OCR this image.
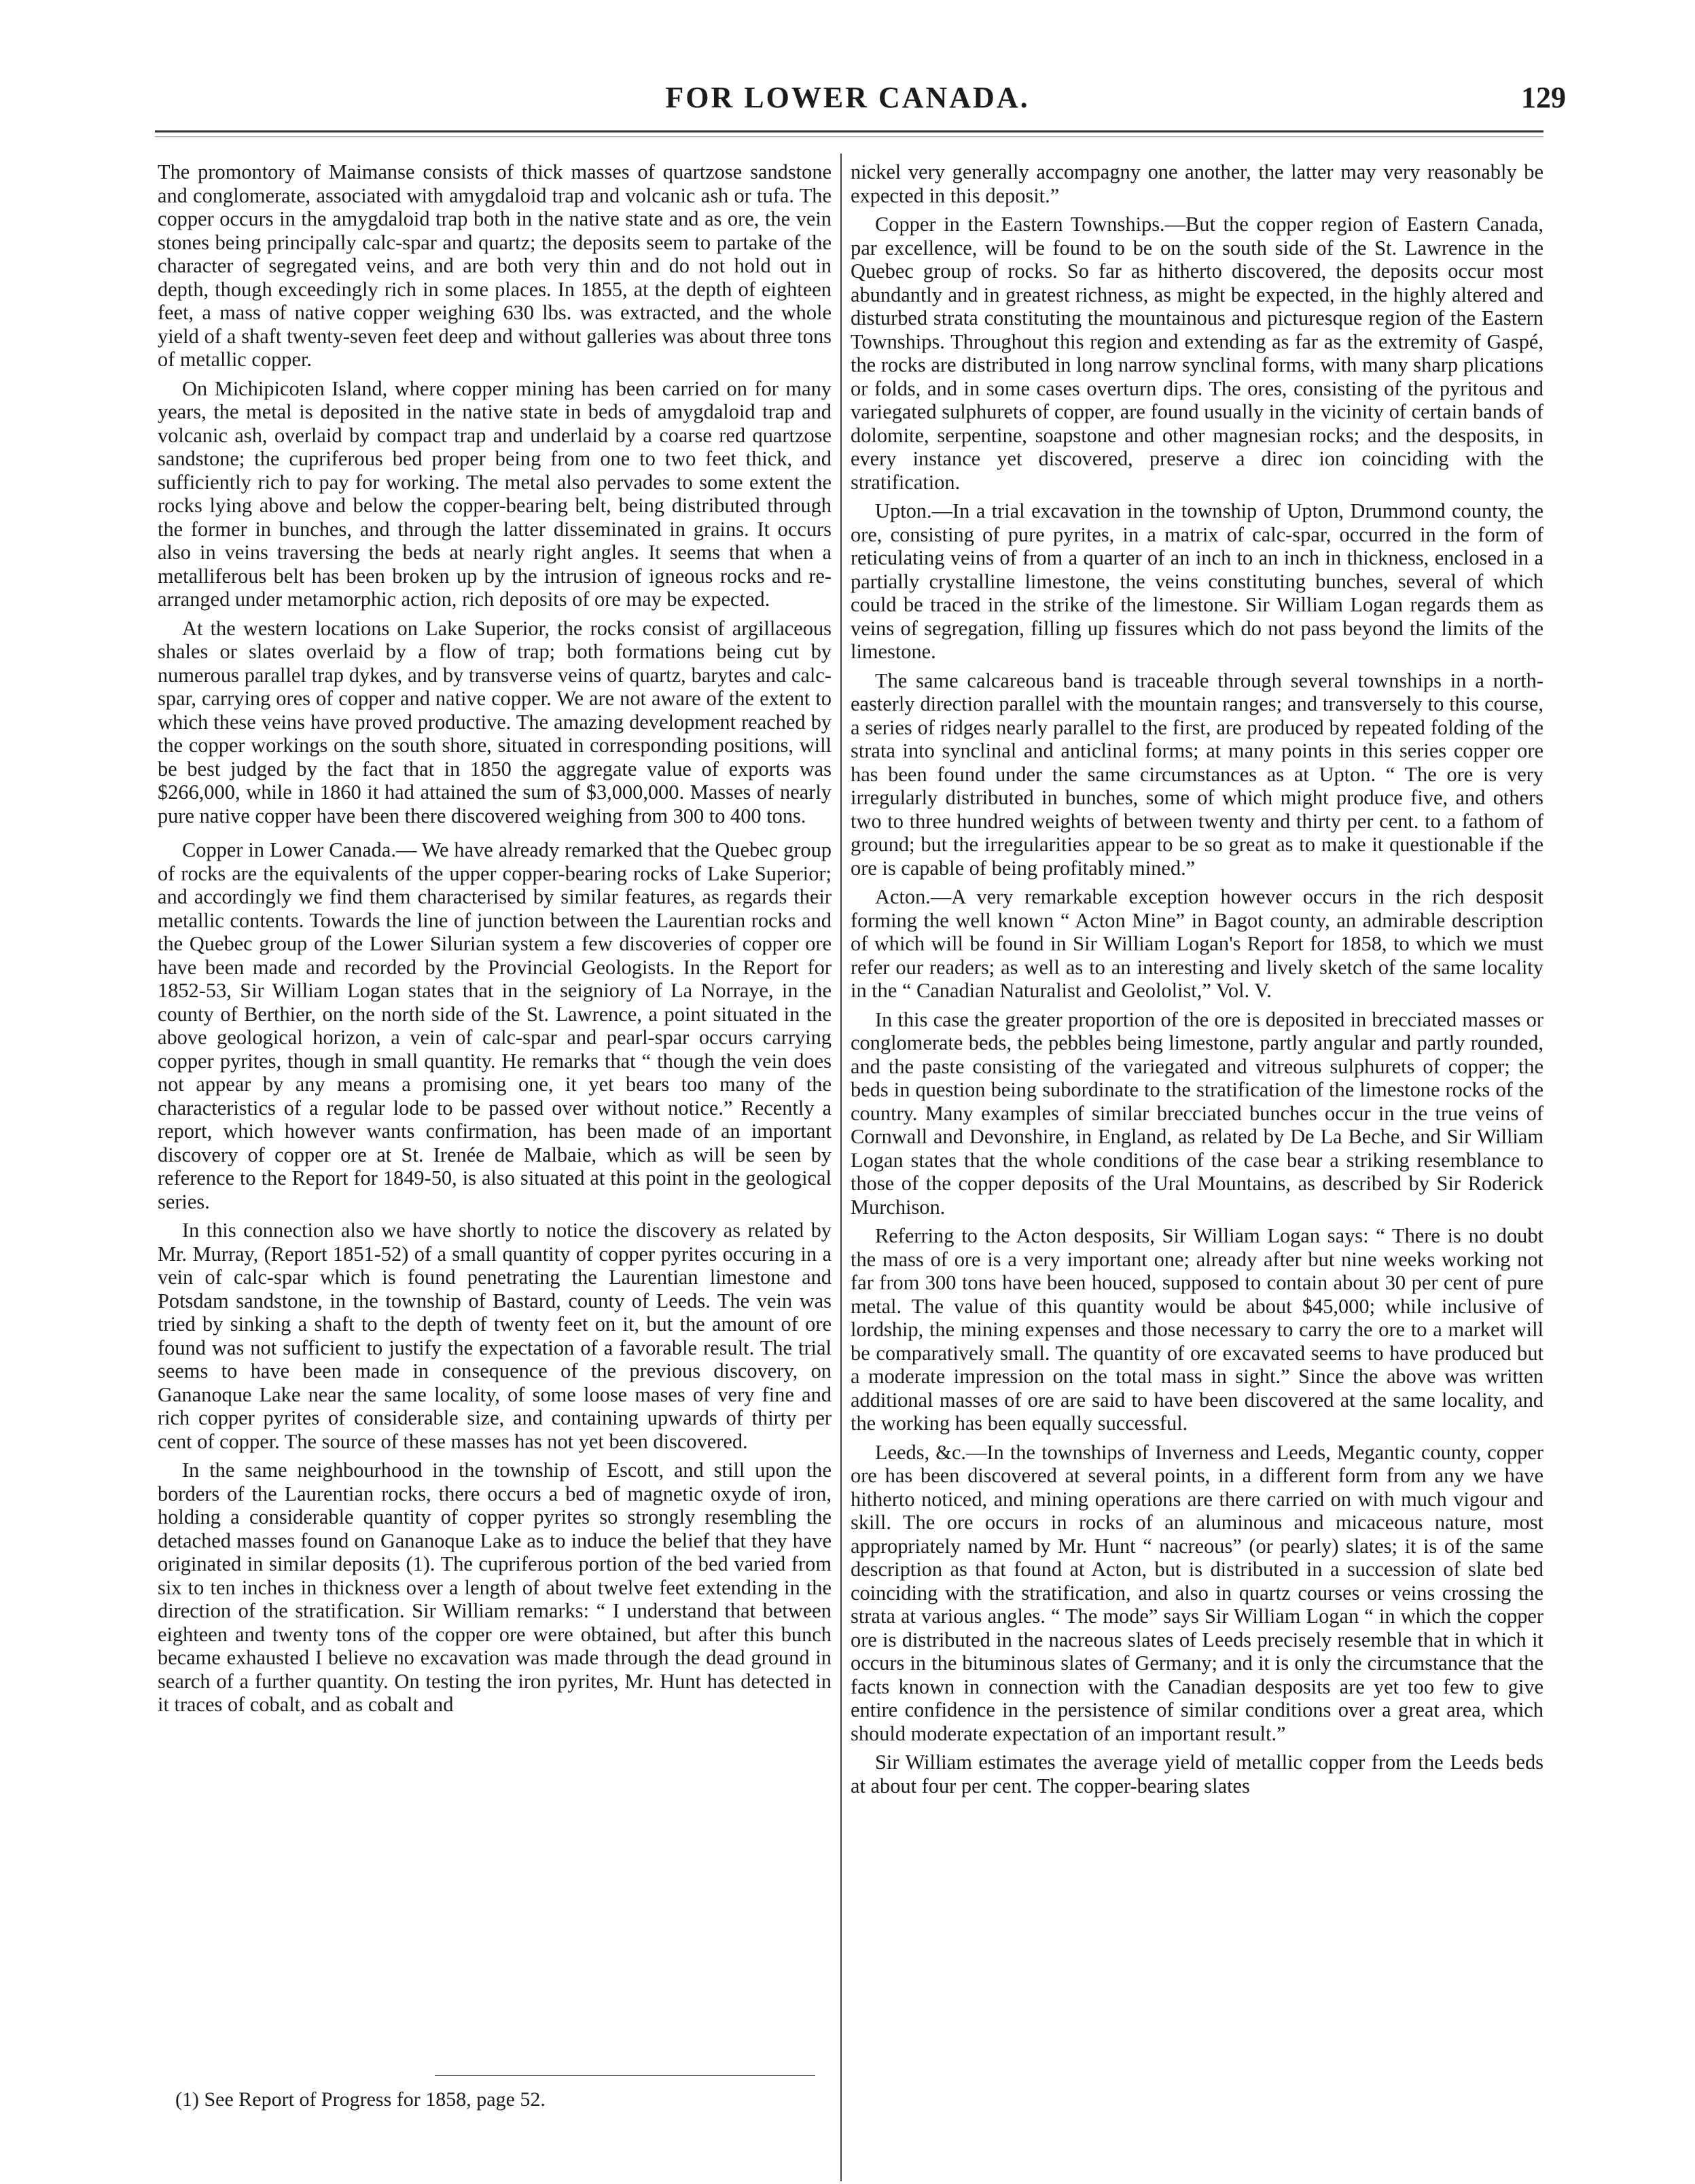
FOR LOWER CANADA.	129

The promontory of Maimanse consists of thick masses of quartzose sandstone and conglomerate, associated with amygdaloid trap and volcanic ash or tufa. The copper occurs in the amygdaloid trap both in the native state and as ore, the vein stones being principally calc-spar and quartz; the deposits seem to partake of the character of segregated veins, and are both very thin and do not hold out in depth, though exceedingly rich in some places. In 1855, at the depth of eighteen feet, a mass of native copper weighing 630 lbs. was extracted, and the whole yield of a shaft twenty-seven feet deep and without galleries was about three tons of metallic copper.

On Michipicoten Island, where copper mining has been carried on for many years, the metal is deposited in the native state in beds of amygdaloid trap and volcanic ash, overlaid by compact trap and underlaid by a coarse red quartzose sandstone; the cupriferous bed proper being from one to two feet thick, and sufficiently rich to pay for working. The metal also pervades to some extent the rocks lying above and below the copper-bearing belt, being distributed through the former in bunches, and through the latter disseminated in grains. It occurs also in veins traversing the beds at nearly right angles. It seems that when a metalliferous belt has been broken up by the intrusion of igneous rocks and re-arranged under metamorphic action, rich deposits of ore may be expected.

At the western locations on Lake Superior, the rocks consist of argillaceous shales or slates overlaid by a flow of trap; both formations being cut by numerous parallel trap dykes, and by transverse veins of quartz, barytes and calc-spar, carrying ores of copper and native copper. We are not aware of the extent to which these veins have proved productive. The amazing development reached by the copper workings on the south shore, situated in corresponding positions, will be best judged by the fact that in 1850 the aggregate value of exports was $266,000, while in 1860 it had attained the sum of $3,000,000. Masses of nearly pure native copper have been there discovered weighing from 300 to 400 tons.

Copper in Lower Canada.— We have already remarked that the Quebec group of rocks are the equivalents of the upper copper-bearing rocks of Lake Superior; and accordingly we find them characterised by similar features, as regards their metallic contents. Towards the line of junction between the Laurentian rocks and the Quebec group of the Lower Silurian system a few discoveries of copper ore have been made and recorded by the Provincial Geologists. In the Report for 1852-53, Sir William Logan states that in the seigniory of La Norraye, in the county of Berthier, on the north side of the St. Lawrence, a point situated in the above geological horizon, a vein of calc-spar and pearl-spar occurs carrying copper pyrites, though in small quantity. He remarks that “ though the vein does not appear by any means a promising one, it yet bears too many of the characteristics of a regular lode to be passed over without notice.” Recently a report, which however wants confirmation, has been made of an important discovery of copper ore at St. Irenée de Malbaie, which as will be seen by reference to the Report for 1849-50, is also situated at this point in the geological series.

In this connection also we have shortly to notice the discovery as related by Mr. Murray, (Report 1851-52) of a small quantity of copper pyrites occuring in a vein of calc-spar which is found penetrating the Laurentian limestone and Potsdam sandstone, in the township of Bastard, county of Leeds. The vein was tried by sinking a shaft to the depth of twenty feet on it, but the amount of ore found was not sufficient to justify the expectation of a favorable result. The trial seems to have been made in consequence of the previous discovery, on Gananoque Lake near the same locality, of some loose mases of very fine and rich copper pyrites of considerable size, and containing upwards of thirty per cent of copper. The source of these masses has not yet been discovered.

In the same neighbourhood in the township of Escott, and still upon the borders of the Laurentian rocks, there occurs a bed of magnetic oxyde of iron, holding a considerable quantity of copper pyrites so strongly resembling the detached masses found on Gananoque Lake as to induce the belief that they have originated in similar deposits (1). The cupriferous portion of the bed varied from six to ten inches in thickness over a length of about twelve feet extending in the direction of the stratification. Sir William remarks: “ I understand that between eighteen and twenty tons of the copper ore were obtained, but after this bunch became exhausted I believe no excavation was made through the dead ground in search of a further quantity. On testing the iron pyrites, Mr. Hunt has detected in it traces of cobalt, and as cobalt and

nickel very generally accompagny one another, the latter may very reasonably be expected in this deposit.”

Copper in the Eastern Townships.—But the copper region of Eastern Canada, par excellence, will be found to be on the south side of the St. Lawrence in the Quebec group of rocks. So far as hitherto discovered, the deposits occur most abundantly and in greatest richness, as might be expected, in the highly altered and disturbed strata constituting the mountainous and picturesque region of the Eastern Townships. Throughout this region and extending as far as the extremity of Gaspé, the rocks are distributed in long narrow synclinal forms, with many sharp plications or folds, and in some cases overturn dips. The ores, consisting of the pyritous and variegated sulphurets of copper, are found usually in the vicinity of certain bands of dolomite, serpentine, soapstone and other magnesian rocks; and the desposits, in every instance yet discovered, preserve a direc ion coinciding with the stratification.

Upton.—In a trial excavation in the township of Upton, Drummond county, the ore, consisting of pure pyrites, in a matrix of calc-spar, occurred in the form of reticulating veins of from a quarter of an inch to an inch in thickness, enclosed in a partially crystalline limestone, the veins constituting bunches, several of which could be traced in the strike of the limestone. Sir William Logan regards them as veins of segregation, filling up fissures which do not pass beyond the limits of the limestone.

The same calcareous band is traceable through several townships in a north-easterly direction parallel with the mountain ranges; and transversely to this course, a series of ridges nearly parallel to the first, are produced by repeated folding of the strata into synclinal and anticlinal forms; at many points in this series copper ore has been found under the same circumstances as at Upton. “ The ore is very irregularly distributed in bunches, some of which might produce five, and others two to three hundred weights of between twenty and thirty per cent. to a fathom of ground; but the irregularities appear to be so great as to make it questionable if the ore is capable of being profitably mined.”

Acton.—A very remarkable exception however occurs in the rich desposit forming the well known “ Acton Mine” in Bagot county, an admirable description of which will be found in Sir William Logan's Report for 1858, to which we must refer our readers; as well as to an interesting and lively sketch of the same locality in the “ Canadian Naturalist and Geololist,” Vol. V.

In this case the greater proportion of the ore is deposited in brecciated masses or conglomerate beds, the pebbles being limestone, partly angular and partly rounded, and the paste consisting of the variegated and vitreous sulphurets of copper; the beds in question being subordinate to the stratification of the limestone rocks of the country. Many examples of similar brecciated bunches occur in the true veins of Cornwall and Devonshire, in England, as related by De La Beche, and Sir William Logan states that the whole conditions of the case bear a striking resemblance to those of the copper deposits of the Ural Mountains, as described by Sir Roderick Murchison.

Referring to the Acton desposits, Sir William Logan says: “ There is no doubt the mass of ore is a very important one; already after but nine weeks working not far from 300 tons have been houced, supposed to contain about 30 per cent of pure metal. The value of this quantity would be about $45,000; while inclusive of lordship, the mining expenses and those necessary to carry the ore to a market will be comparatively small. The quantity of ore excavated seems to have produced but a moderate impression on the total mass in sight.” Since the above was written additional masses of ore are said to have been discovered at the same locality, and the working has been equally successful.

Leeds, &c.—In the townships of Inverness and Leeds, Megantic county, copper ore has been discovered at several points, in a different form from any we have hitherto noticed, and mining operations are there carried on with much vigour and skill. The ore occurs in rocks of an aluminous and micaceous nature, most appropriately named by Mr. Hunt “ nacreous” (or pearly) slates; it is of the same description as that found at Acton, but is distributed in a succession of slate bed coinciding with the stratification, and also in quartz courses or veins crossing the strata at various angles. “ The mode” says Sir William Logan “ in which the copper ore is distributed in the nacreous slates of Leeds precisely resemble that in which it occurs in the bituminous slates of Germany; and it is only the circumstance that the facts known in connection with the Canadian desposits are yet too few to give entire confidence in the persistence of similar conditions over a great area, which should moderate expectation of an important result.”

Sir William estimates the average yield of metallic copper from the Leeds beds at about four per cent. The copper-bearing slates

(1) See Report of Progress for 1858, page 52.
